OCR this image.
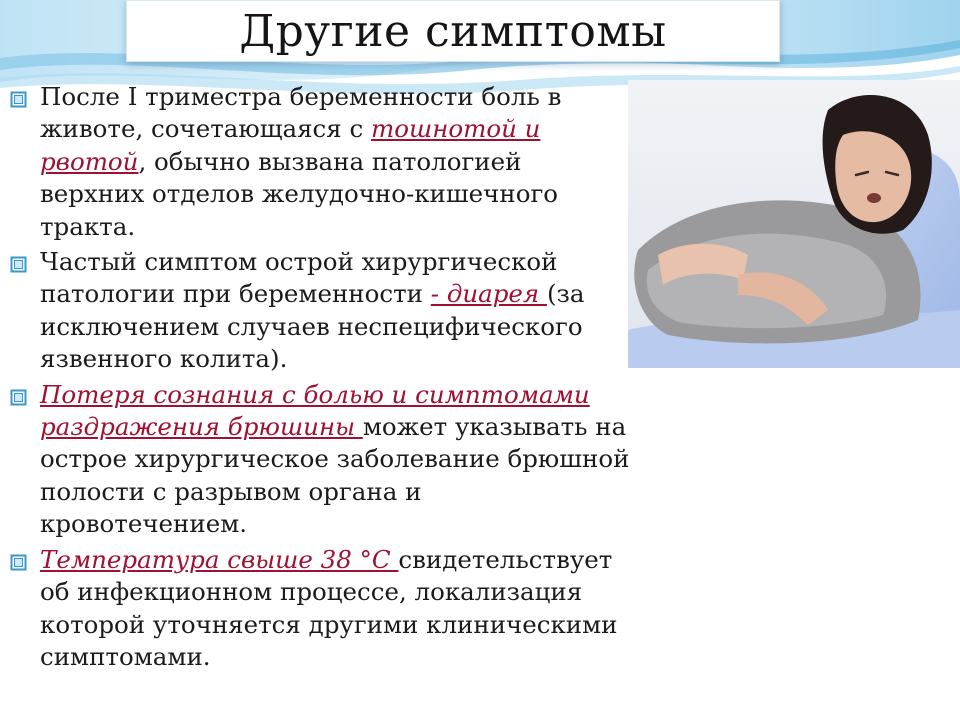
Другие симптомы
После I триместра беременности боль в
животе, сочетающаяся с тошнотой и
рвотой, обычно вызвана патологией
верхних отделов желудочно-кишечного
тракта.
Частый симптом острой хирургической
патологии при беременности - диарея (за
исключением случаев неспецифического
язвенного колита).
Потеря сознания с болью и симптомами
раздражения брюшины может указывать на
острое хирургическое заболевание брюшной
полости с разрывом органа и
кровотечением.
Температура свыше 38 °С свидетельствует
об инфекционном процессе, локализация
которой уточняется другими клиническими
симптомами.
